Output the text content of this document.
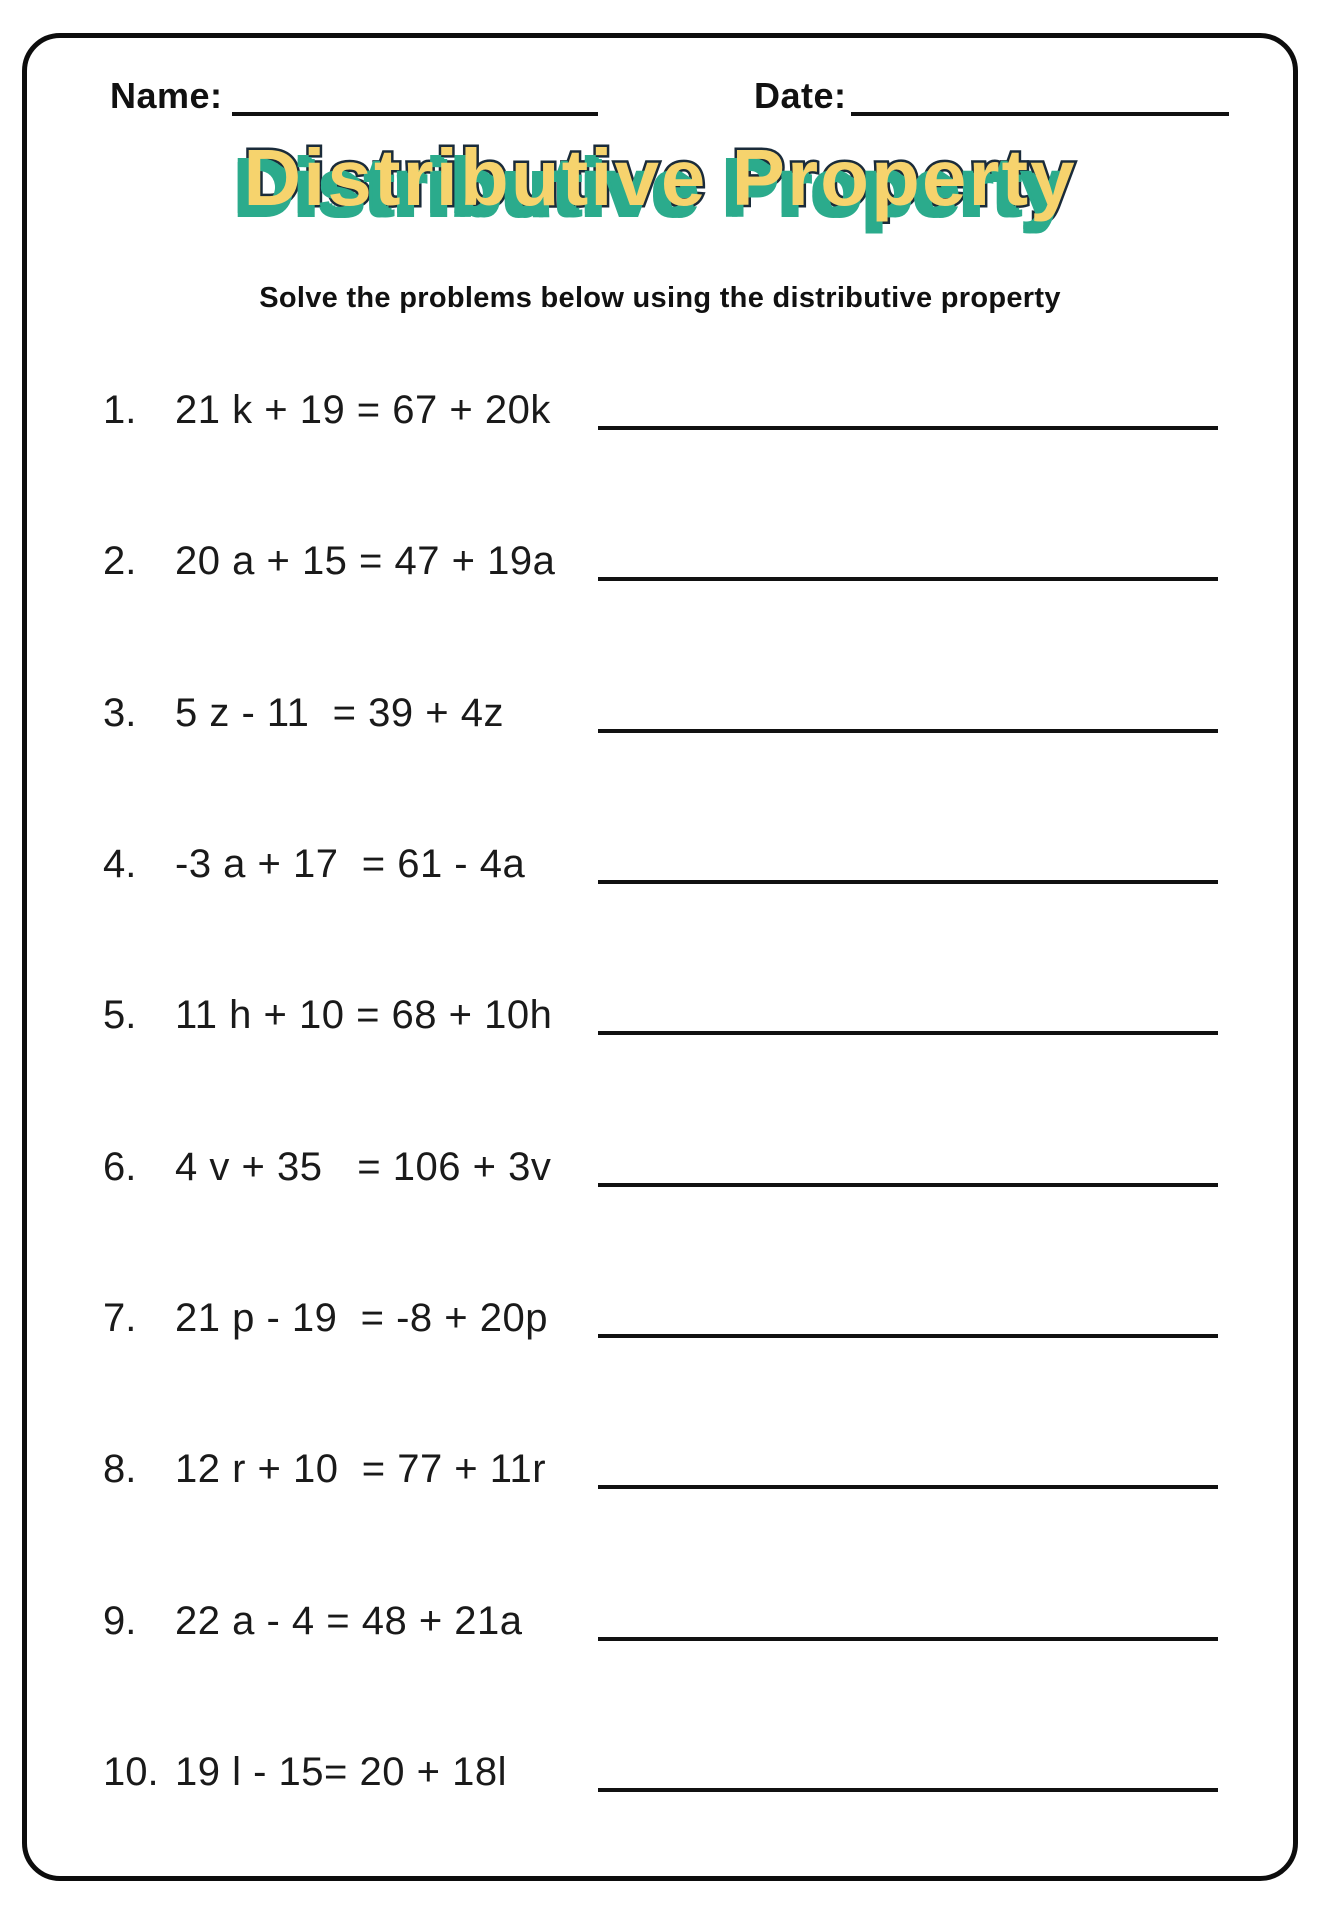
Name:	Date:
Distributive Property
Solve the problems below using the distributive property
1. 21 k + 19 = 67 + 20k
2. 20 a + 15 = 47 + 19a
3. 5 z - 11  = 39 + 4z
4. -3 a + 17  = 61 - 4a
5. 11 h + 10 = 68 + 10h
6. 4 v + 35   = 106 + 3v
7. 21 p - 19  = -8 + 20p
8. 12 r + 10  = 77 + 11r
9. 22 a - 4 = 48 + 21a
10. 19 l - 15= 20 + 18l
